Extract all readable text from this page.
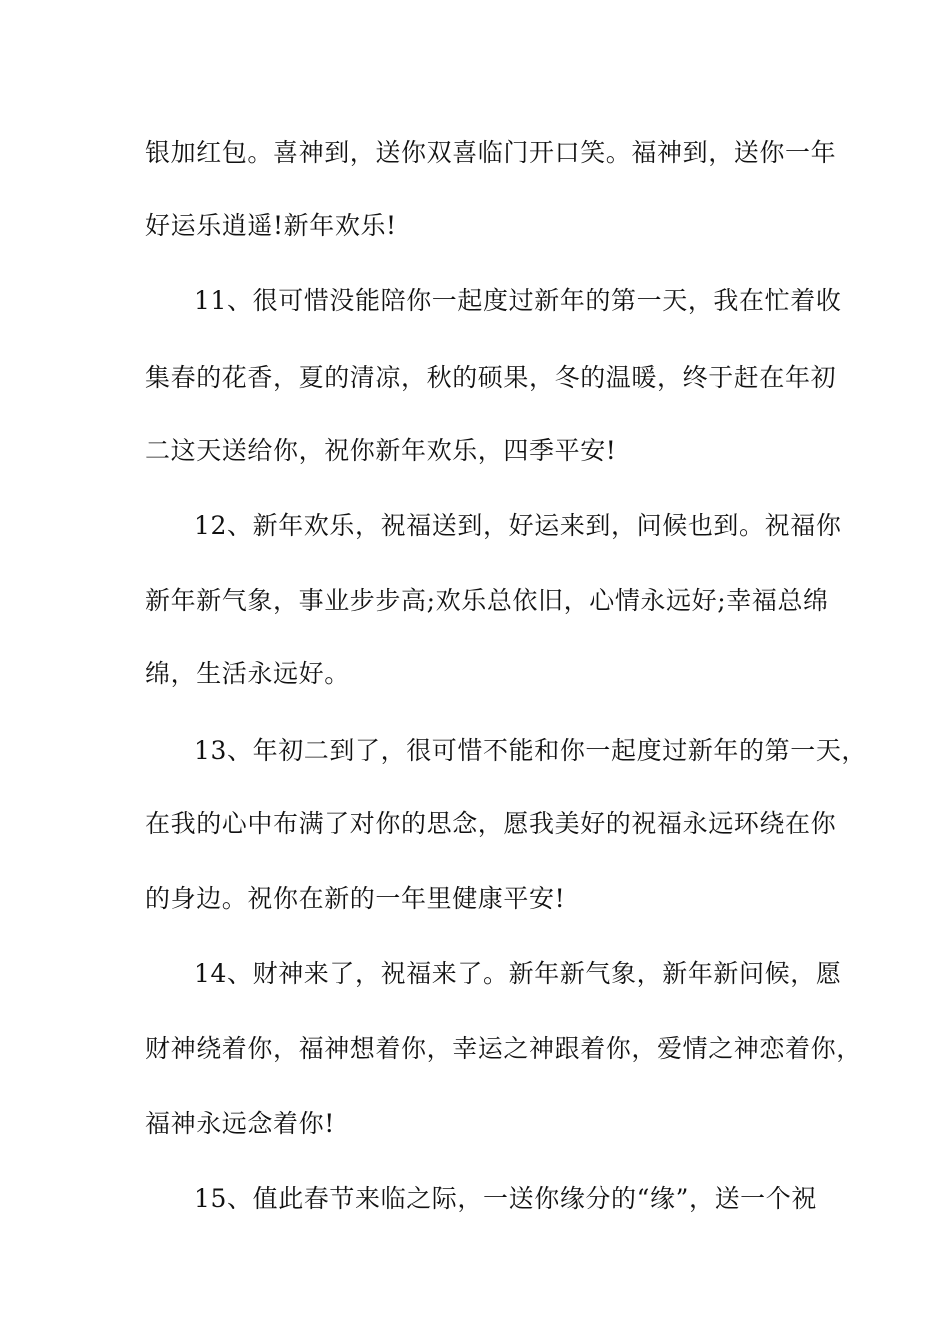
银加红包。喜神到，送你双喜临门开口笑。福神到，送你一年

好运乐逍遥!新年欢乐!

11、很可惜没能陪你一起度过新年的第一天，我在忙着收

集春的花香，夏的清凉，秋的硕果，冬的温暖，终于赶在年初

二这天送给你，祝你新年欢乐，四季平安!

12、新年欢乐，祝福送到，好运来到，问候也到。祝福你

新年新气象，事业步步高;欢乐总依旧，心情永远好;幸福总绵

绵，生活永远好。

13、年初二到了，很可惜不能和你一起度过新年的第一天，

在我的心中布满了对你的思念，愿我美好的祝福永远环绕在你

的身边。祝你在新的一年里健康平安!

14、财神来了，祝福来了。新年新气象，新年新问候，愿

财神绕着你，福神想着你，幸运之神跟着你，爱情之神恋着你，

福神永远念着你!

15、值此春节来临之际，一送你缘分的“缘”，送一个祝
